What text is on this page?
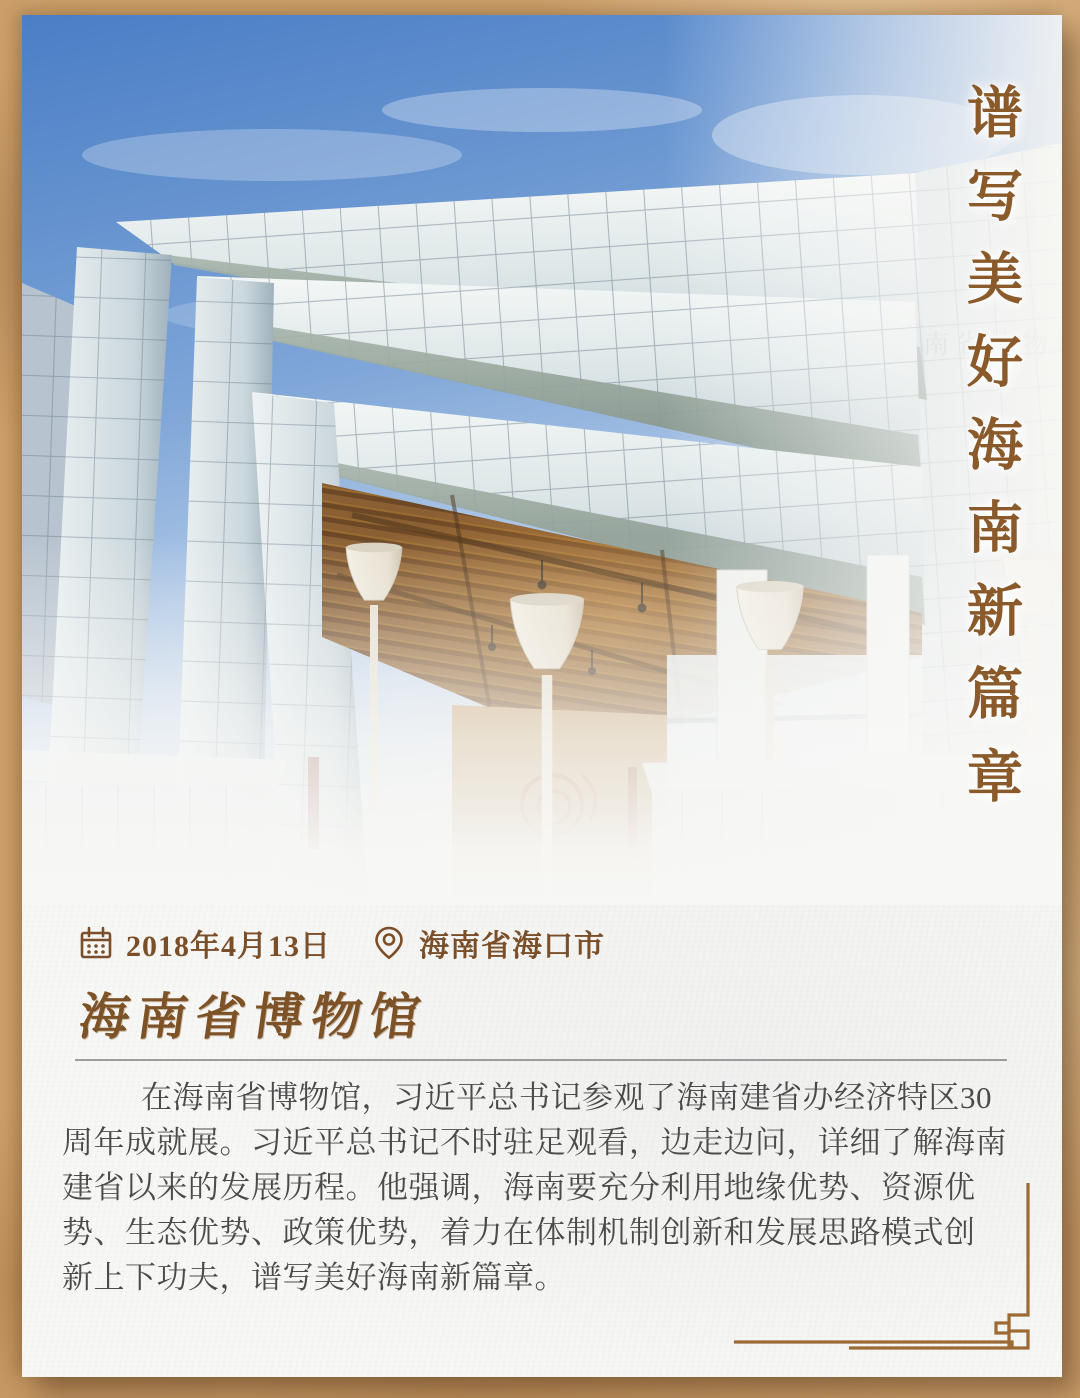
谱写美好海南新篇章
2018年4月13日	海南省海口市
海南省博物馆
在海南省博物馆，习近平总书记参观了海南建省办经济特区30
周年成就展。习近平总书记不时驻足观看，边走边问，详细了解海南
建省以来的发展历程。他强调，海南要充分利用地缘优势、资源优
势、生态优势、政策优势，着力在体制机制创新和发展思路模式创
新上下功夫，谱写美好海南新篇章。
